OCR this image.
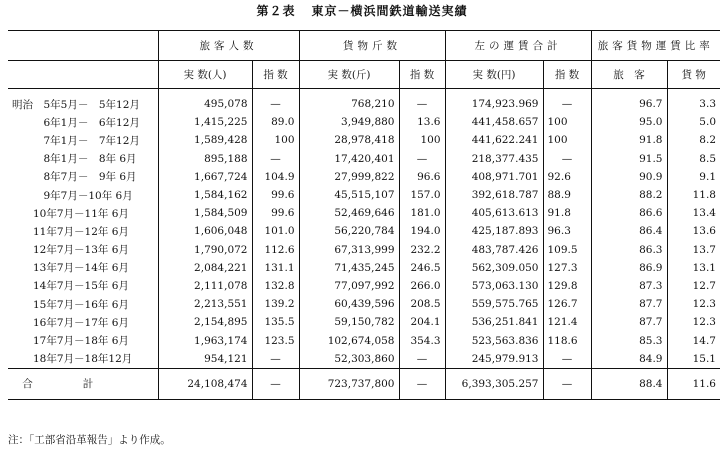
第２表 東京－横浜間鉄道輸送実績
	旅客人数		貨物斤数		左の運賃合計		旅客貨物運賃比率	
	実 数(人)	指 数	実 数(斤)	指 数	実 数(円)	指 数	旅　客	貨 物
明治　5年5月－　5年12月	495,078	—	768,210	—	174,923.969	—	96.7	3.3
　　　6年1月－　6年12月	1,415,225	89.0	3,949,880	13.6	441,458.657	100	95.0	5.0
　　　7年1月－　7年12月	1,589,428	100	28,978,418	100	441,622.241	100	91.8	8.2
　　　8年1月－　8年 6月	895,188	—	17,420,401	—	218,377.435	—	91.5	8.5
　　　8年7月－　9年 6月	1,667,724	104.9	27,999,822	96.6	408,971.701	92.6	90.9	9.1
　　　9年7月－10年 6月	1,584,162	99.6	45,515,107	157.0	392,618.787	88.9	88.2	11.8
　　10年7月－11年 6月	1,584,509	99.6	52,469,646	181.0	405,613.613	91.8	86.6	13.4
　　11年7月－12年 6月	1,606,048	101.0	56,220,784	194.0	425,187.893	96.3	86.4	13.6
　　12年7月－13年 6月	1,790,072	112.6	67,313,999	232.2	483,787.426	109.5	86.3	13.7
　　13年7月－14年 6月	2,084,221	131.1	71,435,245	246.5	562,309.050	127.3	86.9	13.1
　　14年7月－15年 6月	2,111,078	132.8	77,097,992	266.0	573,063.130	129.8	87.3	12.7
　　15年7月－16年 6月	2,213,551	139.2	60,439,596	208.5	559,575.765	126.7	87.7	12.3
　　16年7月－17年 6月	2,154,895	135.5	59,150,782	204.1	536,251.841	121.4	87.7	12.3
　　17年7月－18年 6月	1,963,174	123.5	102,674,058	354.3	523,563.836	118.6	85.3	14.7
　　18年7月－18年12月	954,121	—	52,303,860	—	245,979.913	—	84.9	15.1
合計	24,108,474	—	723,737,800	—	6,393,305.257	—	88.4	11.6
注：「工部省沿革報告」より作成。
